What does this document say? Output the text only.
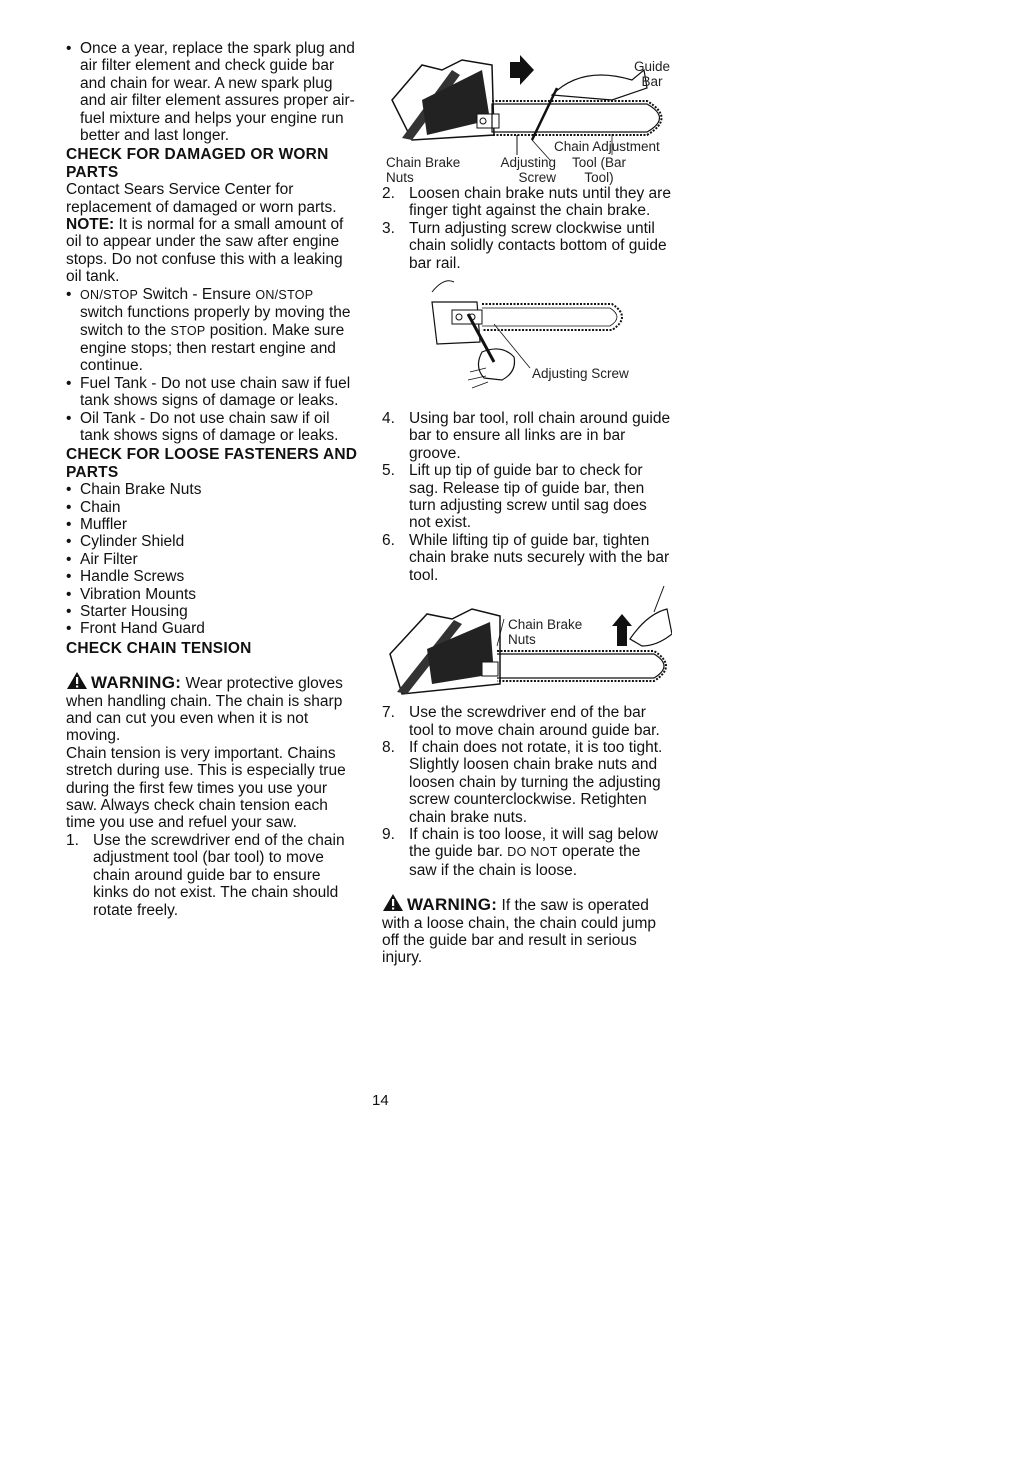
• Once a year, replace the spark plug and air filter element and check guide bar and chain for wear. A new spark plug and air filter element assures proper air-fuel mixture and helps your engine run better and last longer.

CHECK FOR DAMAGED OR WORN PARTS

Contact Sears Service Center for replacement of damaged or worn parts.

NOTE: It is normal for a small amount of oil to appear under the saw after engine stops. Do not confuse this with a leaking oil tank.

• ON/STOP Switch - Ensure ON/STOP switch functions properly by moving the switch to the STOP position. Make sure engine stops; then restart engine and continue.

• Fuel Tank - Do not use chain saw if fuel tank shows signs of damage or leaks.

• Oil Tank - Do not use chain saw if oil tank shows signs of damage or leaks.

CHECK FOR LOOSE FASTENERS AND PARTS

• Chain Brake Nuts

• Chain

• Muffler

• Cylinder Shield

• Air Filter

• Handle Screws

• Vibration Mounts

• Starter Housing

• Front Hand Guard

CHECK CHAIN TENSION

WARNING: Wear protective gloves when handling chain. The chain is sharp and can cut you even when it is not moving.

Chain tension is very important. Chains stretch during use. This is especially true during the first few times you use your saw. Always check chain tension each time you use and refuel your saw.

1. Use the screwdriver end of the chain adjustment tool (bar tool) to move chain around guide bar to ensure kinks do not exist. The chain should rotate freely.

Guide Bar
Chain Adjustment
Chain Brake Nuts
Adjusting Screw
Tool (Bar Tool)

2. Loosen chain brake nuts until they are finger tight against the chain brake.

3. Turn adjusting screw clockwise until chain solidly contacts bottom of guide bar rail.

Adjusting Screw

4. Using bar tool, roll chain around guide bar to ensure all links are in bar groove.

5. Lift up tip of guide bar to check for sag. Release tip of guide bar, then turn adjusting screw until sag does not exist.

6. While lifting tip of guide bar, tighten chain brake nuts securely with the bar tool.

Chain Brake Nuts

7. Use the screwdriver end of the bar tool to move chain around guide bar.

8. If chain does not rotate, it is too tight. Slightly loosen chain brake nuts and loosen chain by turning the adjusting screw counterclockwise. Retighten chain brake nuts.

9. If chain is too loose, it will sag below the guide bar. DO NOT operate the saw if the chain is loose.

WARNING: If the saw is operated with a loose chain, the chain could jump off the guide bar and result in serious injury.

14
